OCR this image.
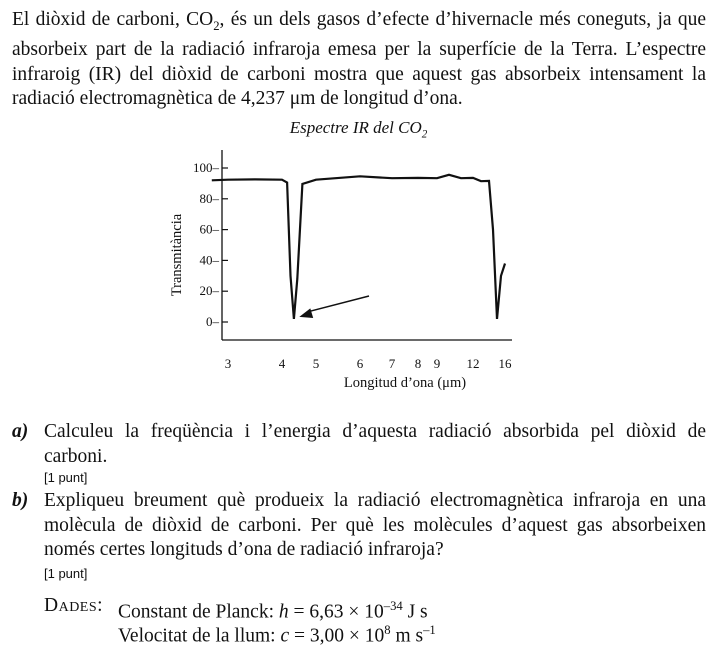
El diòxid de carboni, $CO_2$, és un dels gasos d’efecte d’hivernacle més coneguts, ja que absorbeix part de la radiació infraroja emesa per la superfície de la Terra. L’espectre infraroig (IR) del diòxid de carboni mostra que aquest gas absorbeix intensament la radiació electromagnètica de 4,237 μm de longitud d’ona.
Espectre IR del $CO_2$
100–
80–
60–
40–
20–
0–
3	4 5	6 7 8 9 12 16
Longitud d’ona (μm)
Transmitància
a) Calculeu la freqüència i l’energia d’aquesta radiació absorbida pel diòxid de carboni.
[1 punt]
b) Expliqueu breument què produeix la radiació electromagnètica infraroja en una molècula de diòxid de carboni. Per què les molècules d’aquest gas absorbeixen només certes longituds d’ona de radiació infraroja?
[1 punt]
Dades: Constant de Planck: $h = 6,63 \times 10^{-34}$ J s
Velocitat de la llum: $c = 3,00 \times 10^8$ m $s^{-1}$
